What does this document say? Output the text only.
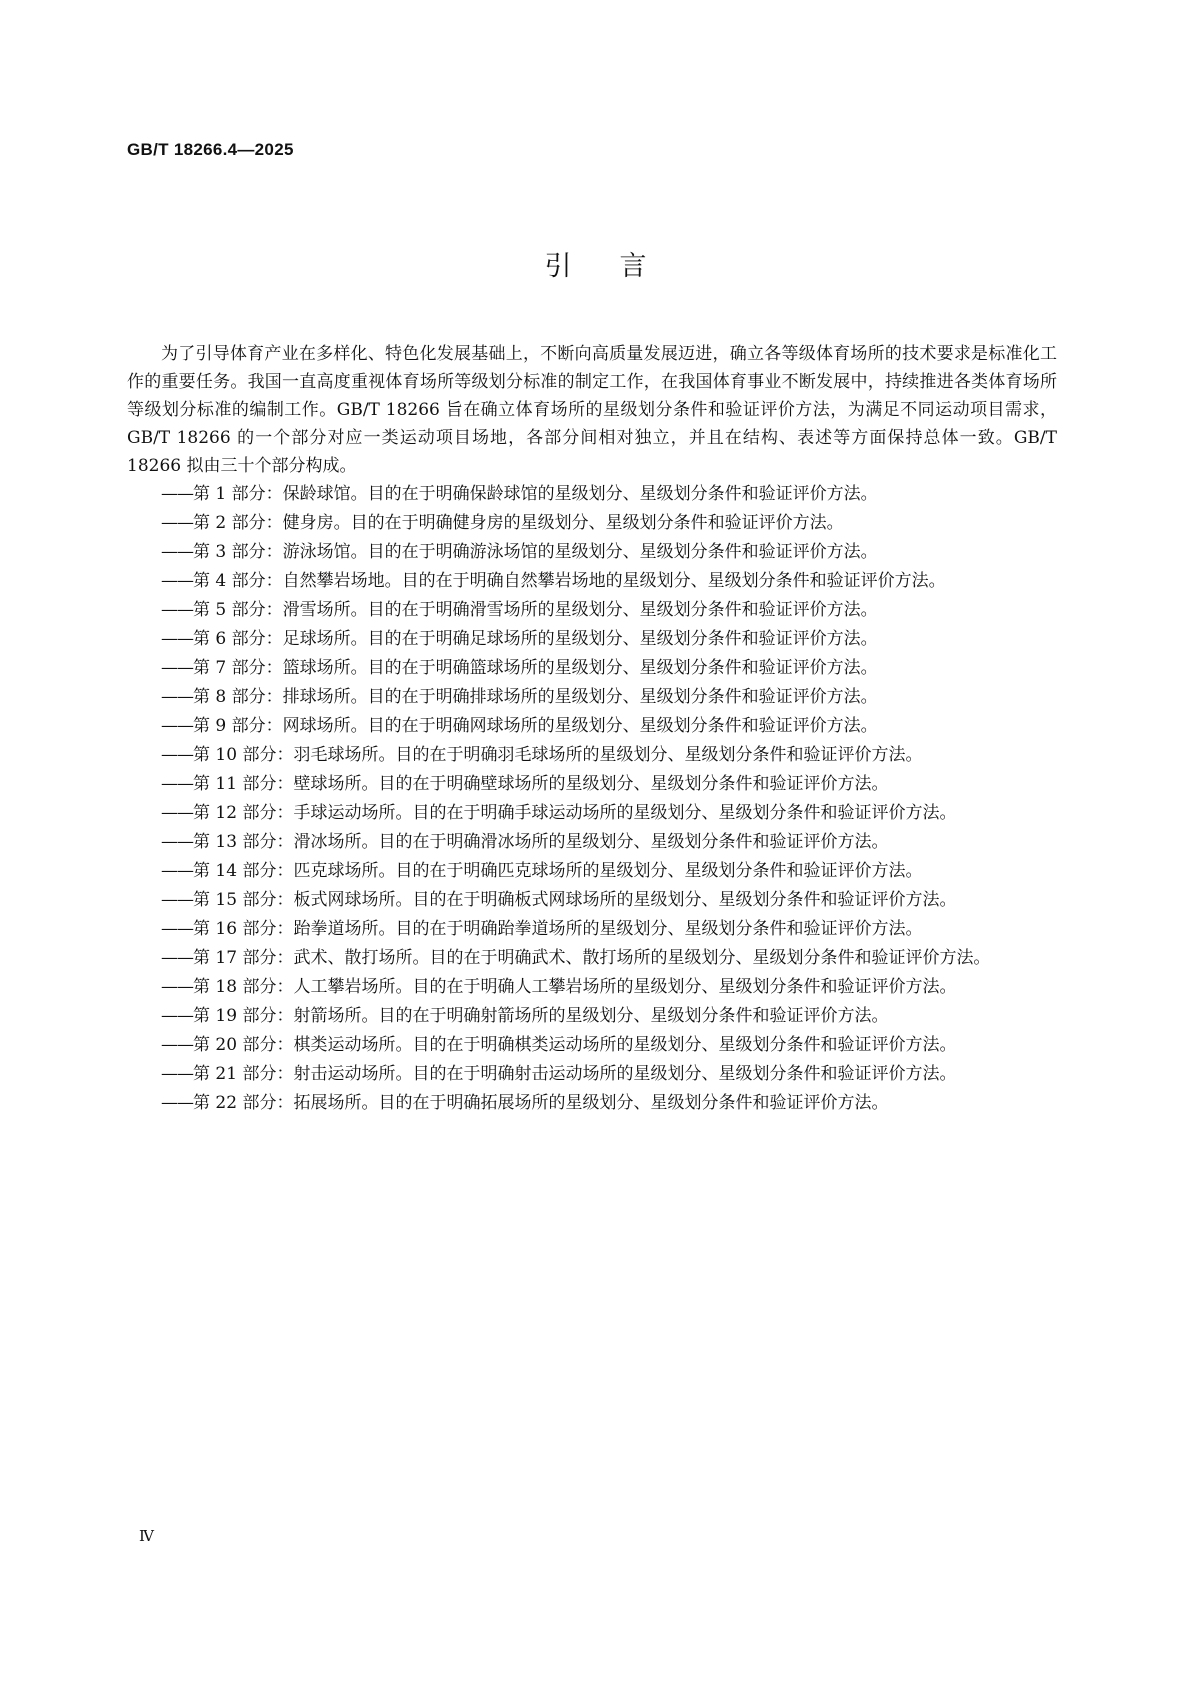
GB/T 18266.4—2025
引言

为了引导体育产业在多样化、特色化发展基础上，不断向高质量发展迈进，确立各等级体育场所的技术要求是标准化工作的重要任务。我国一直高度重视体育场所等级划分标准的制定工作，在我国体育事业不断发展中，持续推进各类体育场所等级划分标准的编制工作。GB/T 18266 旨在确立体育场所的星级划分条件和验证评价方法，为满足不同运动项目需求，GB/T 18266 的一个部分对应一类运动项目场地，各部分间相对独立，并且在结构、表述等方面保持总体一致。GB/T 18266 拟由三十个部分构成。

—— 第 1 部分：保龄球馆。目的在于明确保龄球馆的星级划分、星级划分条件和验证评价方法。
—— 第 2 部分：健身房。目的在于明确健身房的星级划分、星级划分条件和验证评价方法。
—— 第 3 部分：游泳场馆。目的在于明确游泳场馆的星级划分、星级划分条件和验证评价方法。
—— 第 4 部分：自然攀岩场地。目的在于明确自然攀岩场地的星级划分、星级划分条件和验证评价方法。
—— 第 5 部分：滑雪场所。目的在于明确滑雪场所的星级划分、星级划分条件和验证评价方法。
—— 第 6 部分：足球场所。目的在于明确足球场所的星级划分、星级划分条件和验证评价方法。
—— 第 7 部分：篮球场所。目的在于明确篮球场所的星级划分、星级划分条件和验证评价方法。
—— 第 8 部分：排球场所。目的在于明确排球场所的星级划分、星级划分条件和验证评价方法。
—— 第 9 部分：网球场所。目的在于明确网球场所的星级划分、星级划分条件和验证评价方法。
—— 第 10 部分：羽毛球场所。目的在于明确羽毛球场所的星级划分、星级划分条件和验证评价方法。
—— 第 11 部分：壁球场所。目的在于明确壁球场所的星级划分、星级划分条件和验证评价方法。
—— 第 12 部分：手球运动场所。目的在于明确手球运动场所的星级划分、星级划分条件和验证评价方法。
—— 第 13 部分：滑冰场所。目的在于明确滑冰场所的星级划分、星级划分条件和验证评价方法。
—— 第 14 部分：匹克球场所。目的在于明确匹克球场所的星级划分、星级划分条件和验证评价方法。
—— 第 15 部分：板式网球场所。目的在于明确板式网球场所的星级划分、星级划分条件和验证评价方法。
—— 第 16 部分：跆拳道场所。目的在于明确跆拳道场所的星级划分、星级划分条件和验证评价方法。
—— 第 17 部分：武术、散打场所。目的在于明确武术、散打场所的星级划分、星级划分条件和验证评价方法。
—— 第 18 部分：人工攀岩场所。目的在于明确人工攀岩场所的星级划分、星级划分条件和验证评价方法。
—— 第 19 部分：射箭场所。目的在于明确射箭场所的星级划分、星级划分条件和验证评价方法。
—— 第 20 部分：棋类运动场所。目的在于明确棋类运动场所的星级划分、星级划分条件和验证评价方法。
—— 第 21 部分：射击运动场所。目的在于明确射击运动场所的星级划分、星级划分条件和验证评价方法。
—— 第 22 部分：拓展场所。目的在于明确拓展场所的星级划分、星级划分条件和验证评价方法。
Ⅳ
